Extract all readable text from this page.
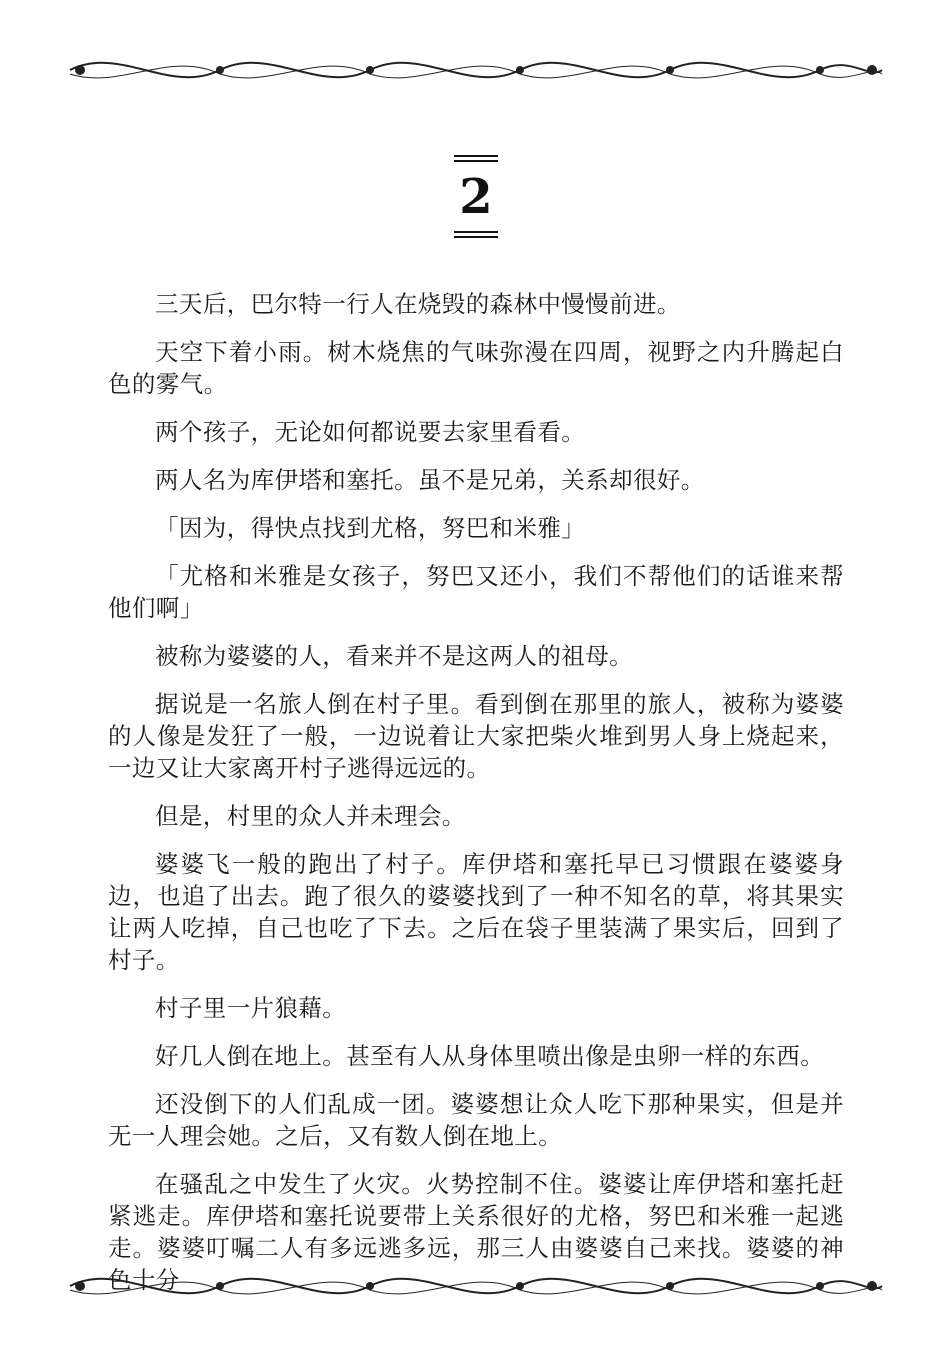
2

三天后，巴尔特一行人在烧毁的森林中慢慢前进。

天空下着小雨。树木烧焦的气味弥漫在四周，视野之内升腾起白色的雾气。

两个孩子，无论如何都说要去家里看看。

两人名为库伊塔和塞托。虽不是兄弟，关系却很好。

「因为，得快点找到尤格，努巴和米雅」

「尤格和米雅是女孩子，努巴又还小，我们不帮他们的话谁来帮他们啊」

被称为婆婆的人，看来并不是这两人的祖母。

据说是一名旅人倒在村子里。看到倒在那里的旅人，被称为婆婆的人像是发狂了一般，一边说着让大家把柴火堆到男人身上烧起来，一边又让大家离开村子逃得远远的。

但是，村里的众人并未理会。

婆婆飞一般的跑出了村子。库伊塔和塞托早已习惯跟在婆婆身边，也追了出去。跑了很久的婆婆找到了一种不知名的草，将其果实让两人吃掉，自己也吃了下去。之后在袋子里装满了果实后，回到了村子。

村子里一片狼藉。

好几人倒在地上。甚至有人从身体里喷出像是虫卵一样的东西。

还没倒下的人们乱成一团。婆婆想让众人吃下那种果实，但是并无一人理会她。之后，又有数人倒在地上。

在骚乱之中发生了火灾。火势控制不住。婆婆让库伊塔和塞托赶紧逃走。库伊塔和塞托说要带上关系很好的尤格，努巴和米雅一起逃走。婆婆叮嘱二人有多远逃多远，那三人由婆婆自己来找。婆婆的神色十分
